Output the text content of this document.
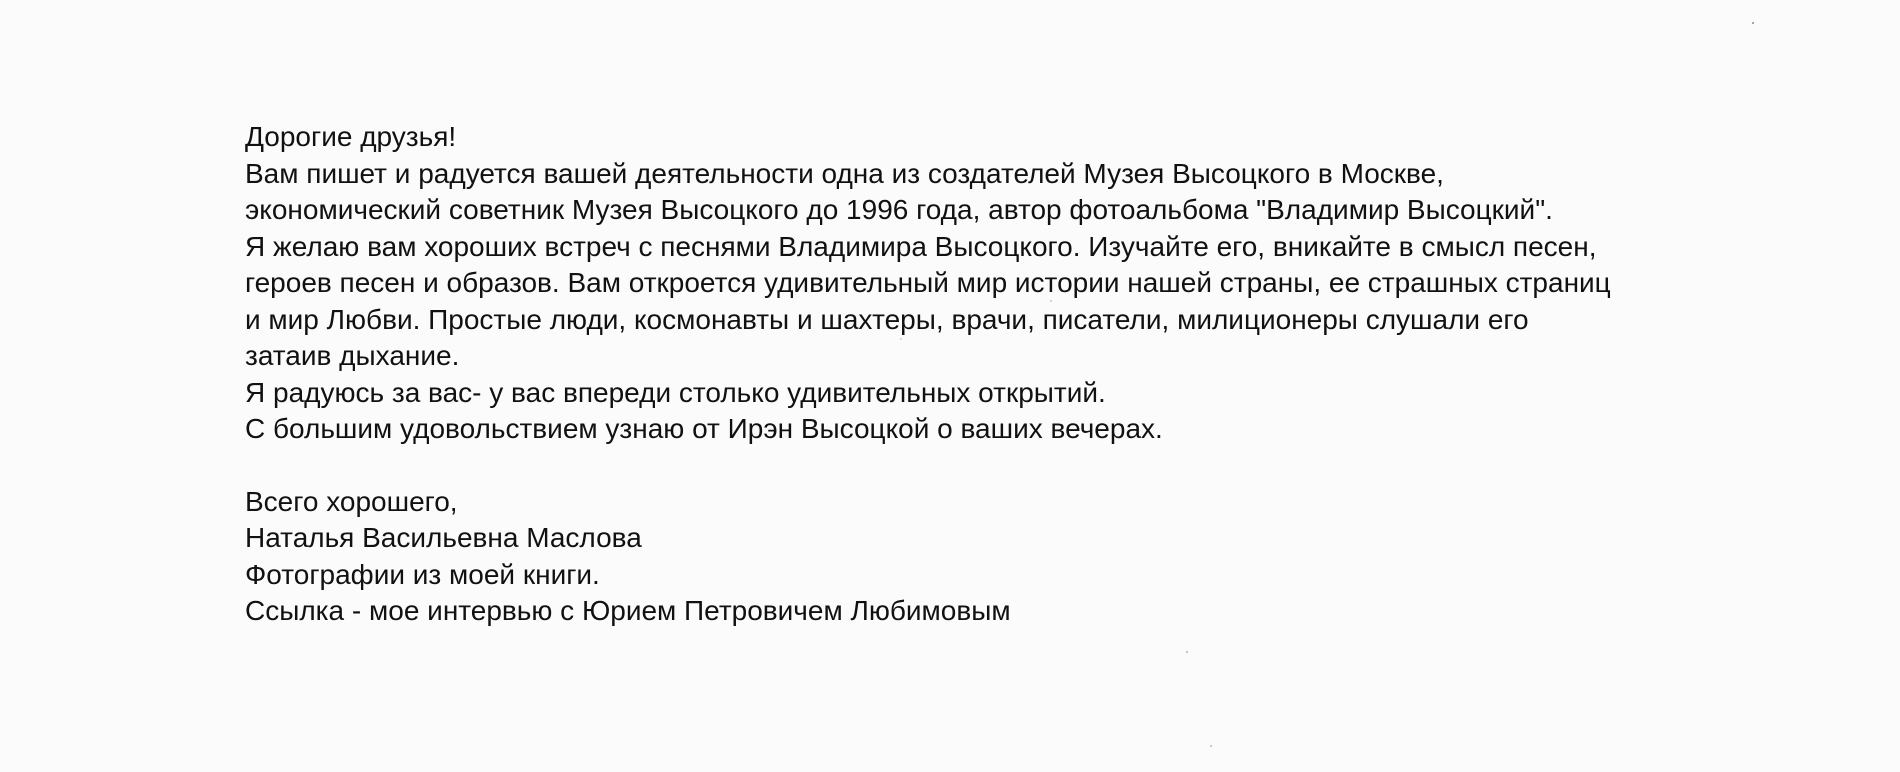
Дорогие друзья!
Вам пишет и радуется вашей деятельности одна из создателей Музея Высоцкого в Москве,
экономический советник Музея Высоцкого до 1996 года, автор фотоальбома "Владимир Высоцкий".
Я желаю вам хороших встреч с песнями Владимира Высоцкого. Изучайте его, вникайте в смысл песен,
героев песен и образов. Вам откроется удивительный мир истории нашей страны, ее страшных страниц
и мир Любви. Простые люди, космонавты и шахтеры, врачи, писатели, милиционеры слушали его
затаив дыхание.
Я радуюсь за вас- у вас впереди столько удивительных открытий.
С большим удовольствием узнаю от Ирэн Высоцкой о ваших вечерах.
Всего хорошего,
Наталья Васильевна Маслова
Фотографии из моей книги.
Ссылка - мое интервью с Юрием Петровичем Любимовым
